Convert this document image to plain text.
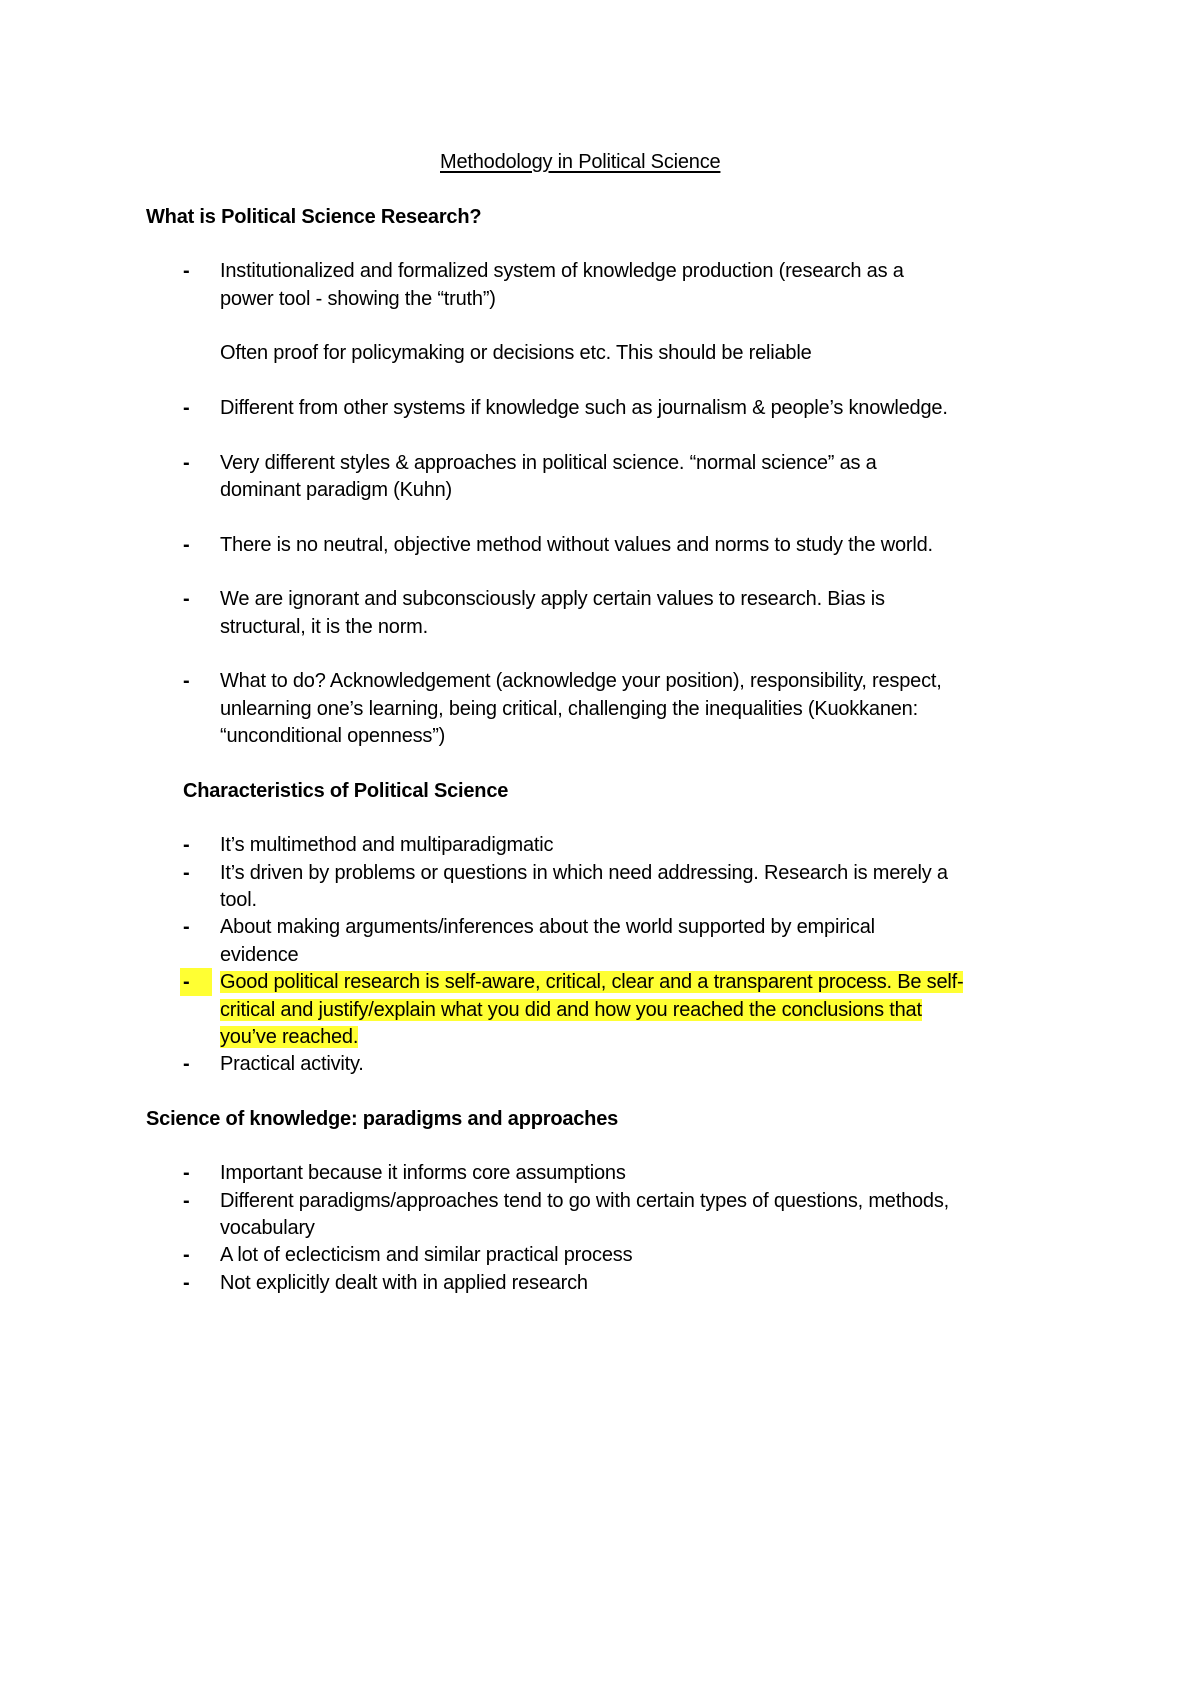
Methodology in Political Science
What is Political Science Research?
- Institutionalized and formalized system of knowledge production (research as a
power tool - showing the “truth”)
Often proof for policymaking or decisions etc. This should be reliable
- Different from other systems if knowledge such as journalism & people’s knowledge.
- Very different styles & approaches in political science. “normal science” as a
dominant paradigm (Kuhn)
- There is no neutral, objective method without values and norms to study the world.
- We are ignorant and subconsciously apply certain values to research. Bias is
structural, it is the norm.
- What to do? Acknowledgement (acknowledge your position), responsibility, respect,
unlearning one’s learning, being critical, challenging the inequalities (Kuokkanen:
“unconditional openness”)
Characteristics of Political Science
- It’s multimethod and multiparadigmatic
- It’s driven by problems or questions in which need addressing. Research is merely a
tool.
- About making arguments/inferences about the world supported by empirical
evidence
- Good political research is self-aware, critical, clear and a transparent process. Be self-
critical and justify/explain what you did and how you reached the conclusions that
you’ve reached.
- Practical activity.
Science of knowledge: paradigms and approaches
- Important because it informs core assumptions
- Different paradigms/approaches tend to go with certain types of questions, methods,
vocabulary
- A lot of eclecticism and similar practical process
- Not explicitly dealt with in applied research
